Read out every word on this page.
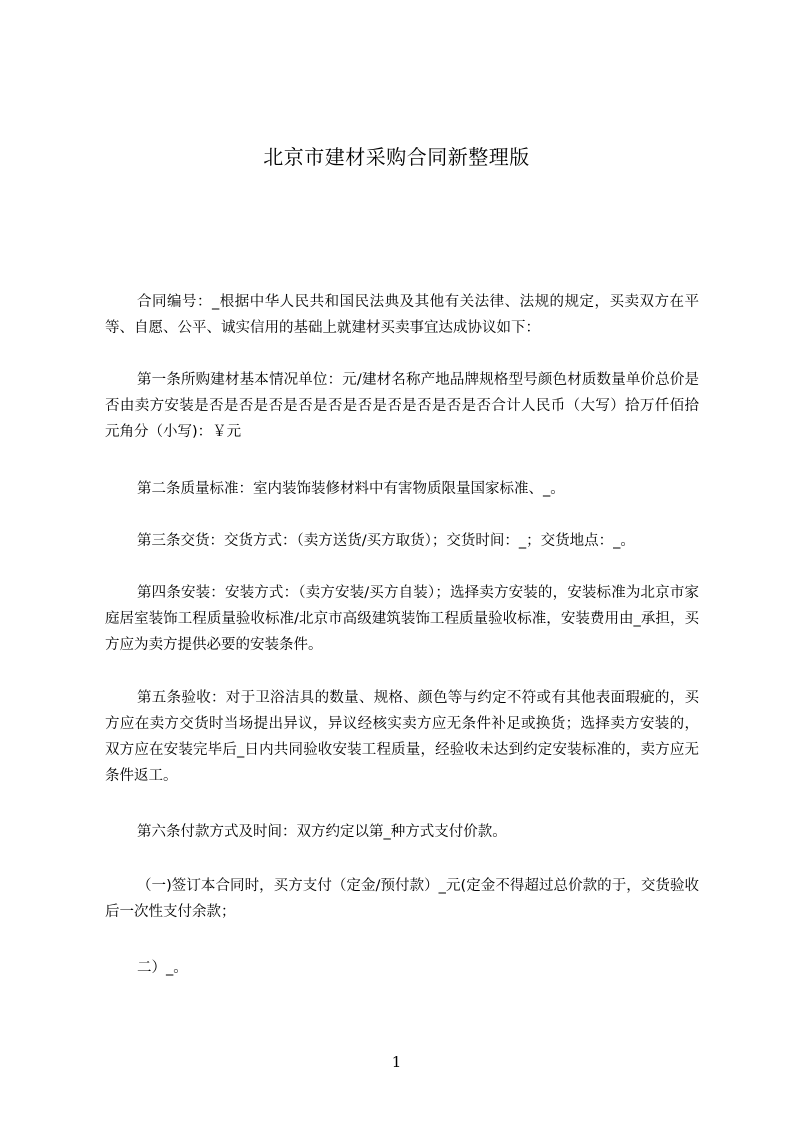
北京市建材采购合同新整理版

合同编号：_根据中华人民共和国民法典及其他有关法律、法规的规定，买卖双方在平等、自愿、公平、诚实信用的基础上就建材买卖事宜达成协议如下：

第一条所购建材基本情况单位：元/建材名称产地品牌规格型号颜色材质数量单价总价是否由卖方安装是否是否是否是否是否是否是否是否是否是否合计人民币（大写）拾万仟佰拾元角分（小写)：￥元

第二条质量标准：室内装饰装修材料中有害物质限量国家标准、_。

第三条交货：交货方式：（卖方送货/买方取货）；交货时间：_；交货地点：_。

第四条安装：安装方式：（卖方安装/买方自装）；选择卖方安装的，安装标准为北京市家庭居室装饰工程质量验收标准/北京市高级建筑装饰工程质量验收标准，安装费用由_承担，买方应为卖方提供必要的安装条件。

第五条验收：对于卫浴洁具的数量、规格、颜色等与约定不符或有其他表面瑕疵的，买方应在卖方交货时当场提出异议，异议经核实卖方应无条件补足或换货；选择卖方安装的，双方应在安装完毕后_日内共同验收安装工程质量，经验收未达到约定安装标准的，卖方应无条件返工。

第六条付款方式及时间：双方约定以第_种方式支付价款。

（一)签订本合同时，买方支付（定金/预付款）_元(定金不得超过总价款的于，交货验收后一次性支付余款；

二）_。

1
